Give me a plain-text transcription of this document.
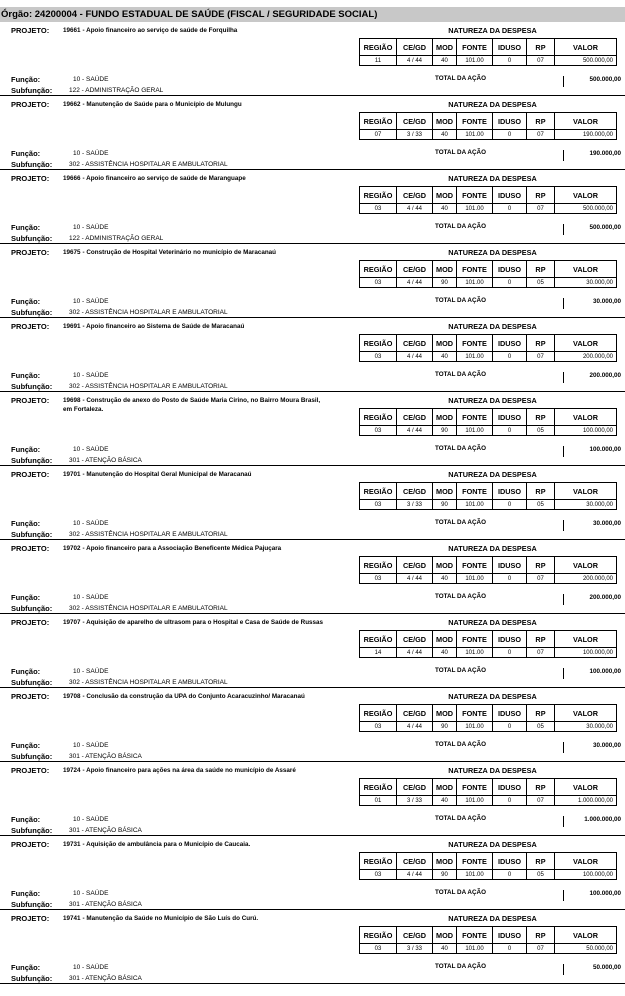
Órgão: 24200004 - FUNDO ESTADUAL DE SAÚDE (FISCAL / SEGURIDADE SOCIAL)
PROJETO: 19661 - Apoio financeiro ao serviço de saúde de Forquilha
Função:	10 - SAÚDE
Subfunção:	122 - ADMINISTRAÇÃO GERAL
NATUREZA DA DESPESA
REGIÃO	CE/GD	MOD	FONTE	IDUSO	RP	VALOR
11	4 / 44	40	101.00	0	07	500.000,00
TOTAL DA AÇÃO	500.000,00
PROJETO: 19662 - Manutenção de Saúde para o Município de Mulungu
Função:	10 - SAÚDE
Subfunção:	302 - ASSISTÊNCIA HOSPITALAR E AMBULATORIAL
NATUREZA DA DESPESA
REGIÃO	CE/GD	MOD	FONTE	IDUSO	RP	VALOR
07	3 / 33	40	101.00	0	07	190.000,00
TOTAL DA AÇÃO	190.000,00
PROJETO: 19666 - Apoio financeiro ao serviço de saúde de Maranguape
Função:	10 - SAÚDE
Subfunção:	122 - ADMINISTRAÇÃO GERAL
NATUREZA DA DESPESA
REGIÃO	CE/GD	MOD	FONTE	IDUSO	RP	VALOR
03	4 / 44	40	101.00	0	07	500.000,00
TOTAL DA AÇÃO	500.000,00
PROJETO: 19675 - Construção de Hospital Veterinário no município de Maracanaú
Função:	10 - SAÚDE
Subfunção:	302 - ASSISTÊNCIA HOSPITALAR E AMBULATORIAL
NATUREZA DA DESPESA
REGIÃO	CE/GD	MOD	FONTE	IDUSO	RP	VALOR
03	4 / 44	90	101.00	0	05	30.000,00
TOTAL DA AÇÃO	30.000,00
PROJETO: 19691 - Apoio financeiro ao Sistema de Saúde de Maracanaú
Função:	10 - SAÚDE
Subfunção:	302 - ASSISTÊNCIA HOSPITALAR E AMBULATORIAL
NATUREZA DA DESPESA
REGIÃO	CE/GD	MOD	FONTE	IDUSO	RP	VALOR
03	4 / 44	40	101.00	0	07	200.000,00
TOTAL DA AÇÃO	200.000,00
PROJETO: 19698 - Construção de anexo do Posto de Saúde Maria Cirino, no Bairro Moura Brasil, em Fortaleza.
Função:	10 - SAÚDE
Subfunção:	301 - ATENÇÃO BÁSICA
NATUREZA DA DESPESA
REGIÃO	CE/GD	MOD	FONTE	IDUSO	RP	VALOR
03	4 / 44	90	101.00	0	05	100.000,00
TOTAL DA AÇÃO	100.000,00
PROJETO: 19701 - Manutenção do Hospital Geral Municipal de Maracanaú
Função:	10 - SAÚDE
Subfunção:	302 - ASSISTÊNCIA HOSPITALAR E AMBULATORIAL
NATUREZA DA DESPESA
REGIÃO	CE/GD	MOD	FONTE	IDUSO	RP	VALOR
03	3 / 33	90	101.00	0	05	30.000,00
TOTAL DA AÇÃO	30.000,00
PROJETO: 19702 - Apoio financeiro para a Associação Beneficente Médica Pajuçara
Função:	10 - SAÚDE
Subfunção:	302 - ASSISTÊNCIA HOSPITALAR E AMBULATORIAL
NATUREZA DA DESPESA
REGIÃO	CE/GD	MOD	FONTE	IDUSO	RP	VALOR
03	4 / 44	40	101.00	0	07	200.000,00
TOTAL DA AÇÃO	200.000,00
PROJETO: 19707 - Aquisição de aparelho de ultrasom para o Hospital e Casa de Saúde de Russas
Função:	10 - SAÚDE
Subfunção:	302 - ASSISTÊNCIA HOSPITALAR E AMBULATORIAL
NATUREZA DA DESPESA
REGIÃO	CE/GD	MOD	FONTE	IDUSO	RP	VALOR
14	4 / 44	40	101.00	0	07	100.000,00
TOTAL DA AÇÃO	100.000,00
PROJETO: 19708 - Conclusão da construção da UPA do Conjunto Acaracuzinho/ Maracanaú
Função:	10 - SAÚDE
Subfunção:	301 - ATENÇÃO BÁSICA
NATUREZA DA DESPESA
REGIÃO	CE/GD	MOD	FONTE	IDUSO	RP	VALOR
03	4 / 44	90	101.00	0	05	30.000,00
TOTAL DA AÇÃO	30.000,00
PROJETO: 19724 - Apoio financeiro para ações na área da saúde no município de Assaré
Função:	10 - SAÚDE
Subfunção:	301 - ATENÇÃO BÁSICA
NATUREZA DA DESPESA
REGIÃO	CE/GD	MOD	FONTE	IDUSO	RP	VALOR
01	3 / 33	40	101.00	0	07	1.000.000,00
TOTAL DA AÇÃO	1.000.000,00
PROJETO: 19731 - Aquisição de ambulância para o Município de Caucaia.
Função:	10 - SAÚDE
Subfunção:	301 - ATENÇÃO BÁSICA
NATUREZA DA DESPESA
REGIÃO	CE/GD	MOD	FONTE	IDUSO	RP	VALOR
03	4 / 44	90	101.00	0	05	100.000,00
TOTAL DA AÇÃO	100.000,00
PROJETO: 19741 - Manutenção da Saúde no Município de São Luís do Curú.
Função:	10 - SAÚDE
Subfunção:	301 - ATENÇÃO BÁSICA
NATUREZA DA DESPESA
REGIÃO	CE/GD	MOD	FONTE	IDUSO	RP	VALOR
03	3 / 33	40	101.00	0	07	50.000,00
TOTAL DA AÇÃO	50.000,00
